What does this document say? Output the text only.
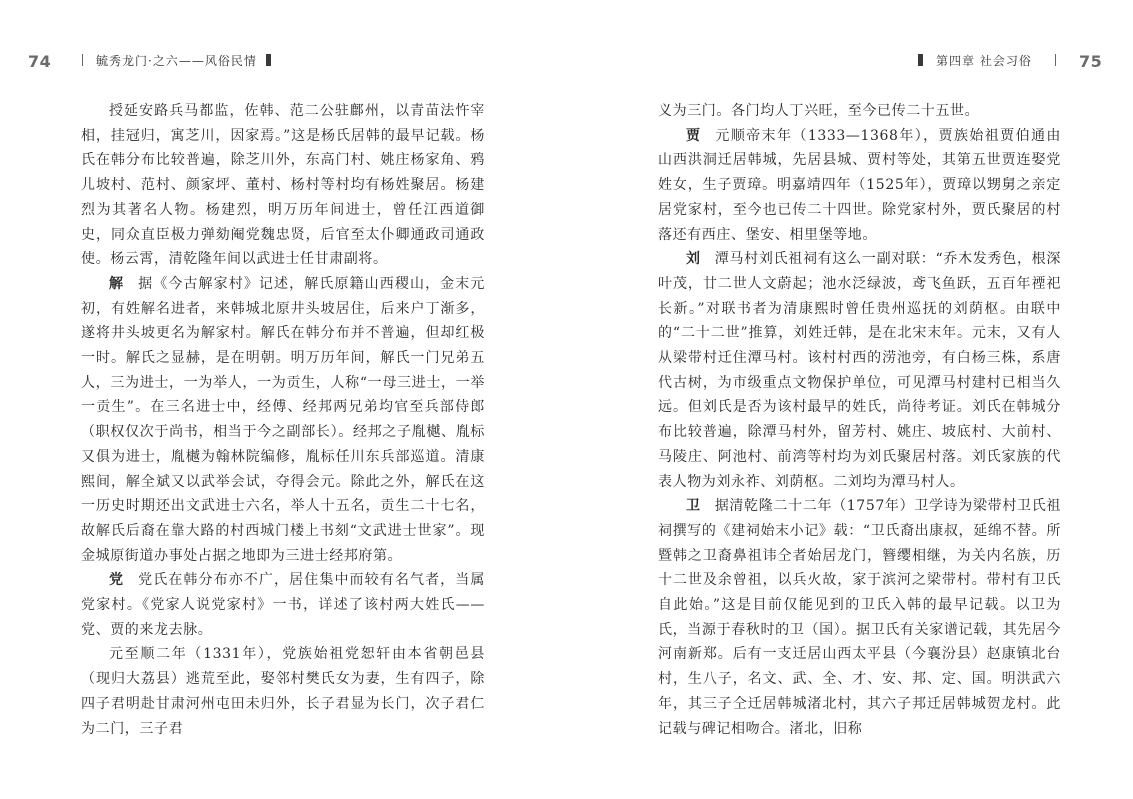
74	毓秀龙门·之六——风俗民情

授延安路兵马都监，佐韩、范二公驻鄜州，以青苗法忤宰相，挂冠归，寓芝川，因家焉。”这是杨氏居韩的最早记载。杨氏在韩分布比较普遍，除芝川外，东高门村、姚庄杨家角、鸦儿坡村、范村、颜家坪、董村、杨村等村均有杨姓聚居。杨建烈为其著名人物。杨建烈，明万历年间进士，曾任江西道御史，同众直臣极力弹劾阉党魏忠贤，后官至太仆卿通政司通政使。杨云霄，清乾隆年间以武进士任甘肃副将。

解 据《今古解家村》记述，解氏原籍山西稷山，金末元初，有姓解名进者，来韩城北原井头坡居住，后来户丁渐多，遂将井头坡更名为解家村。解氏在韩分布并不普遍，但却红极一时。解氏之显赫，是在明朝。明万历年间，解氏一门兄弟五人，三为进士，一为举人，一为贡生，人称“一母三进士，一举一贡生”。在三名进士中，经傅、经邦两兄弟均官至兵部侍郎（职权仅次于尚书，相当于今之副部长）。经邦之子胤樾、胤标又俱为进士，胤樾为翰林院编修，胤标任川东兵部巡道。清康熙间，解全斌又以武举会试，夺得会元。除此之外，解氏在这一历史时期还出文武进士六名，举人十五名，贡生二十七名，故解氏后裔在靠大路的村西城门楼上书刻“文武进士世家”。现金城原街道办事处占据之地即为三进士经邦府第。

党 党氏在韩分布亦不广，居住集中而较有名气者，当属党家村。《党家人说党家村》一书，详述了该村两大姓氏——党、贾的来龙去脉。

元至顺二年（1331年），党族始祖党恕轩由本省朝邑县（现归大荔县）逃荒至此，娶邻村樊氏女为妻，生有四子，除四子君明赴甘肃河州屯田未归外，长子君显为长门，次子君仁为二门，三子君

第四章 社会习俗	75

义为三门。各门均人丁兴旺，至今已传二十五世。

贾 元顺帝末年（1333—1368年），贾族始祖贾伯通由山西洪洞迁居韩城，先居县城、贾村等处，其第五世贾连娶党姓女，生子贾璋。明嘉靖四年（1525年），贾璋以甥舅之亲定居党家村，至今也已传二十四世。除党家村外，贾氏聚居的村落还有西庄、堡安、相里堡等地。

刘 潭马村刘氏祖祠有这么一副对联：“乔木发秀色，根深叶茂，廿二世人文蔚起；池水泛绿波，鸢飞鱼跃，五百年禋祀长新。”对联书者为清康熙时曾任贵州巡抚的刘荫枢。由联中的“二十二世”推算，刘姓迁韩，是在北宋末年。元末，又有人从梁带村迁住潭马村。该村村西的涝池旁，有白杨三株，系唐代古树，为市级重点文物保护单位，可见潭马村建村已相当久远。但刘氏是否为该村最早的姓氏，尚待考证。刘氏在韩城分布比较普遍，除潭马村外，留芳村、姚庄、坡底村、大前村、马陵庄、阿池村、前湾等村均为刘氏聚居村落。刘氏家族的代表人物为刘永祚、刘荫枢。二刘均为潭马村人。

卫 据清乾隆二十二年（1757年）卫学诗为梁带村卫氏祖祠撰写的《建祠始末小记》载：“卫氏裔出康叔，延绵不替。所暨韩之卫裔鼻祖讳仝者始居龙门，簪缨相继，为关内名族，历十二世及余曾祖，以兵火故，家于滨河之梁带村。带村有卫氏自此始。”这是目前仅能见到的卫氏入韩的最早记载。以卫为氏，当源于春秋时的卫（国）。据卫氏有关家谱记载，其先居今河南新郑。后有一支迁居山西太平县（今襄汾县）赵康镇北台村，生八子，名文、武、全、才、安、邦、定、国。明洪武六年，其三子仝迁居韩城渚北村，其六子邦迁居韩城贺龙村。此记载与碑记相吻合。渚北，旧称
